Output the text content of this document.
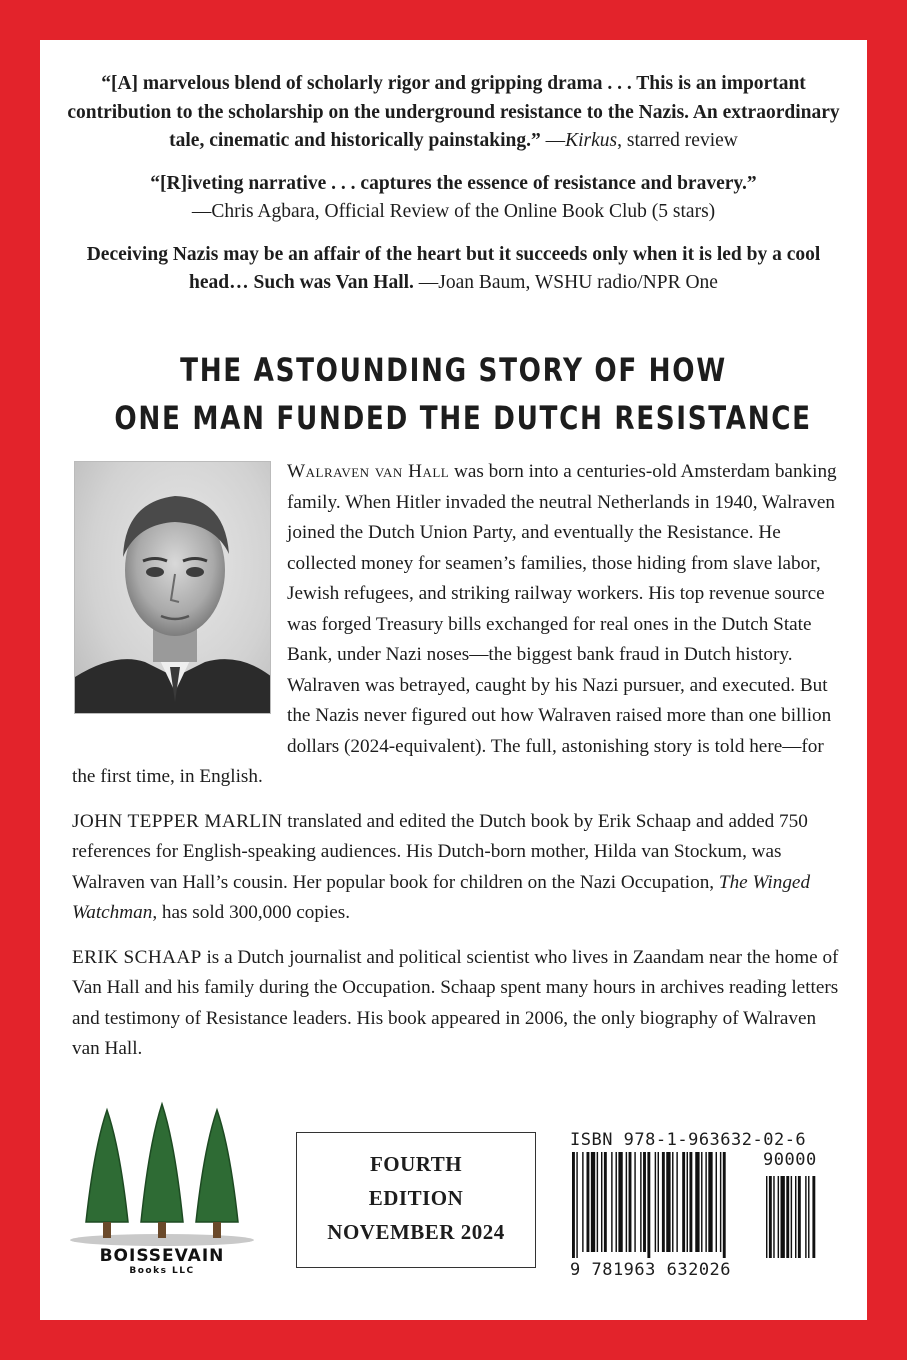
“[A] marvelous blend of scholarly rigor and gripping drama . . . This is an important contribution to the scholarship on the underground resistance to the Nazis. An extraordinary tale, cinematic and historically painstaking.” —Kirkus, starred review

“[R]iveting narrative . . . captures the essence of resistance and bravery.”
—Chris Agbara, Official Review of the Online Book Club (5 stars)

Deceiving Nazis may be an affair of the heart but it succeeds only when it is led by a cool head… Such was Van Hall. —Joan Baum, WSHU radio/NPR One

THE ASTOUNDING STORY OF HOW
ONE MAN FUNDED THE DUTCH RESISTANCE

Walraven van Hall was born into a centuries-old Amsterdam banking family. When Hitler invaded the neutral Netherlands in 1940, Walraven joined the Dutch Union Party, and eventually the Resistance. He collected money for seamen’s families, those hiding from slave labor, Jewish refugees, and striking railway workers. His top revenue source was forged Treasury bills exchanged for real ones in the Dutch State Bank, under Nazi noses—the biggest bank fraud in Dutch history. Walraven was betrayed, caught by his Nazi pursuer, and executed. But the Nazis never figured out how Walraven raised more than one billion dollars (2024-equivalent). The full, astonishing story is told here—for the first time, in English.

JOHN TEPPER MARLIN translated and edited the Dutch book by Erik Schaap and added 750 references for English-speaking audiences. His Dutch-born mother, Hilda van Stockum, was Walraven van Hall’s cousin. Her popular book for children on the Nazi Occupation, The Winged Watchman, has sold 300,000 copies.

ERIK SCHAAP is a Dutch journalist and political scientist who lives in Zaandam near the home of Van Hall and his family during the Occupation. Schaap spent many hours in archives reading letters and testimony of Resistance leaders. His book appeared in 2006, the only biography of Walraven van Hall.

BOISSEVAIN
Books LLC
FOURTH
EDITION
NOVEMBER 2024
ISBN 978-1-963632-02-6
90000
9 781963 632026
